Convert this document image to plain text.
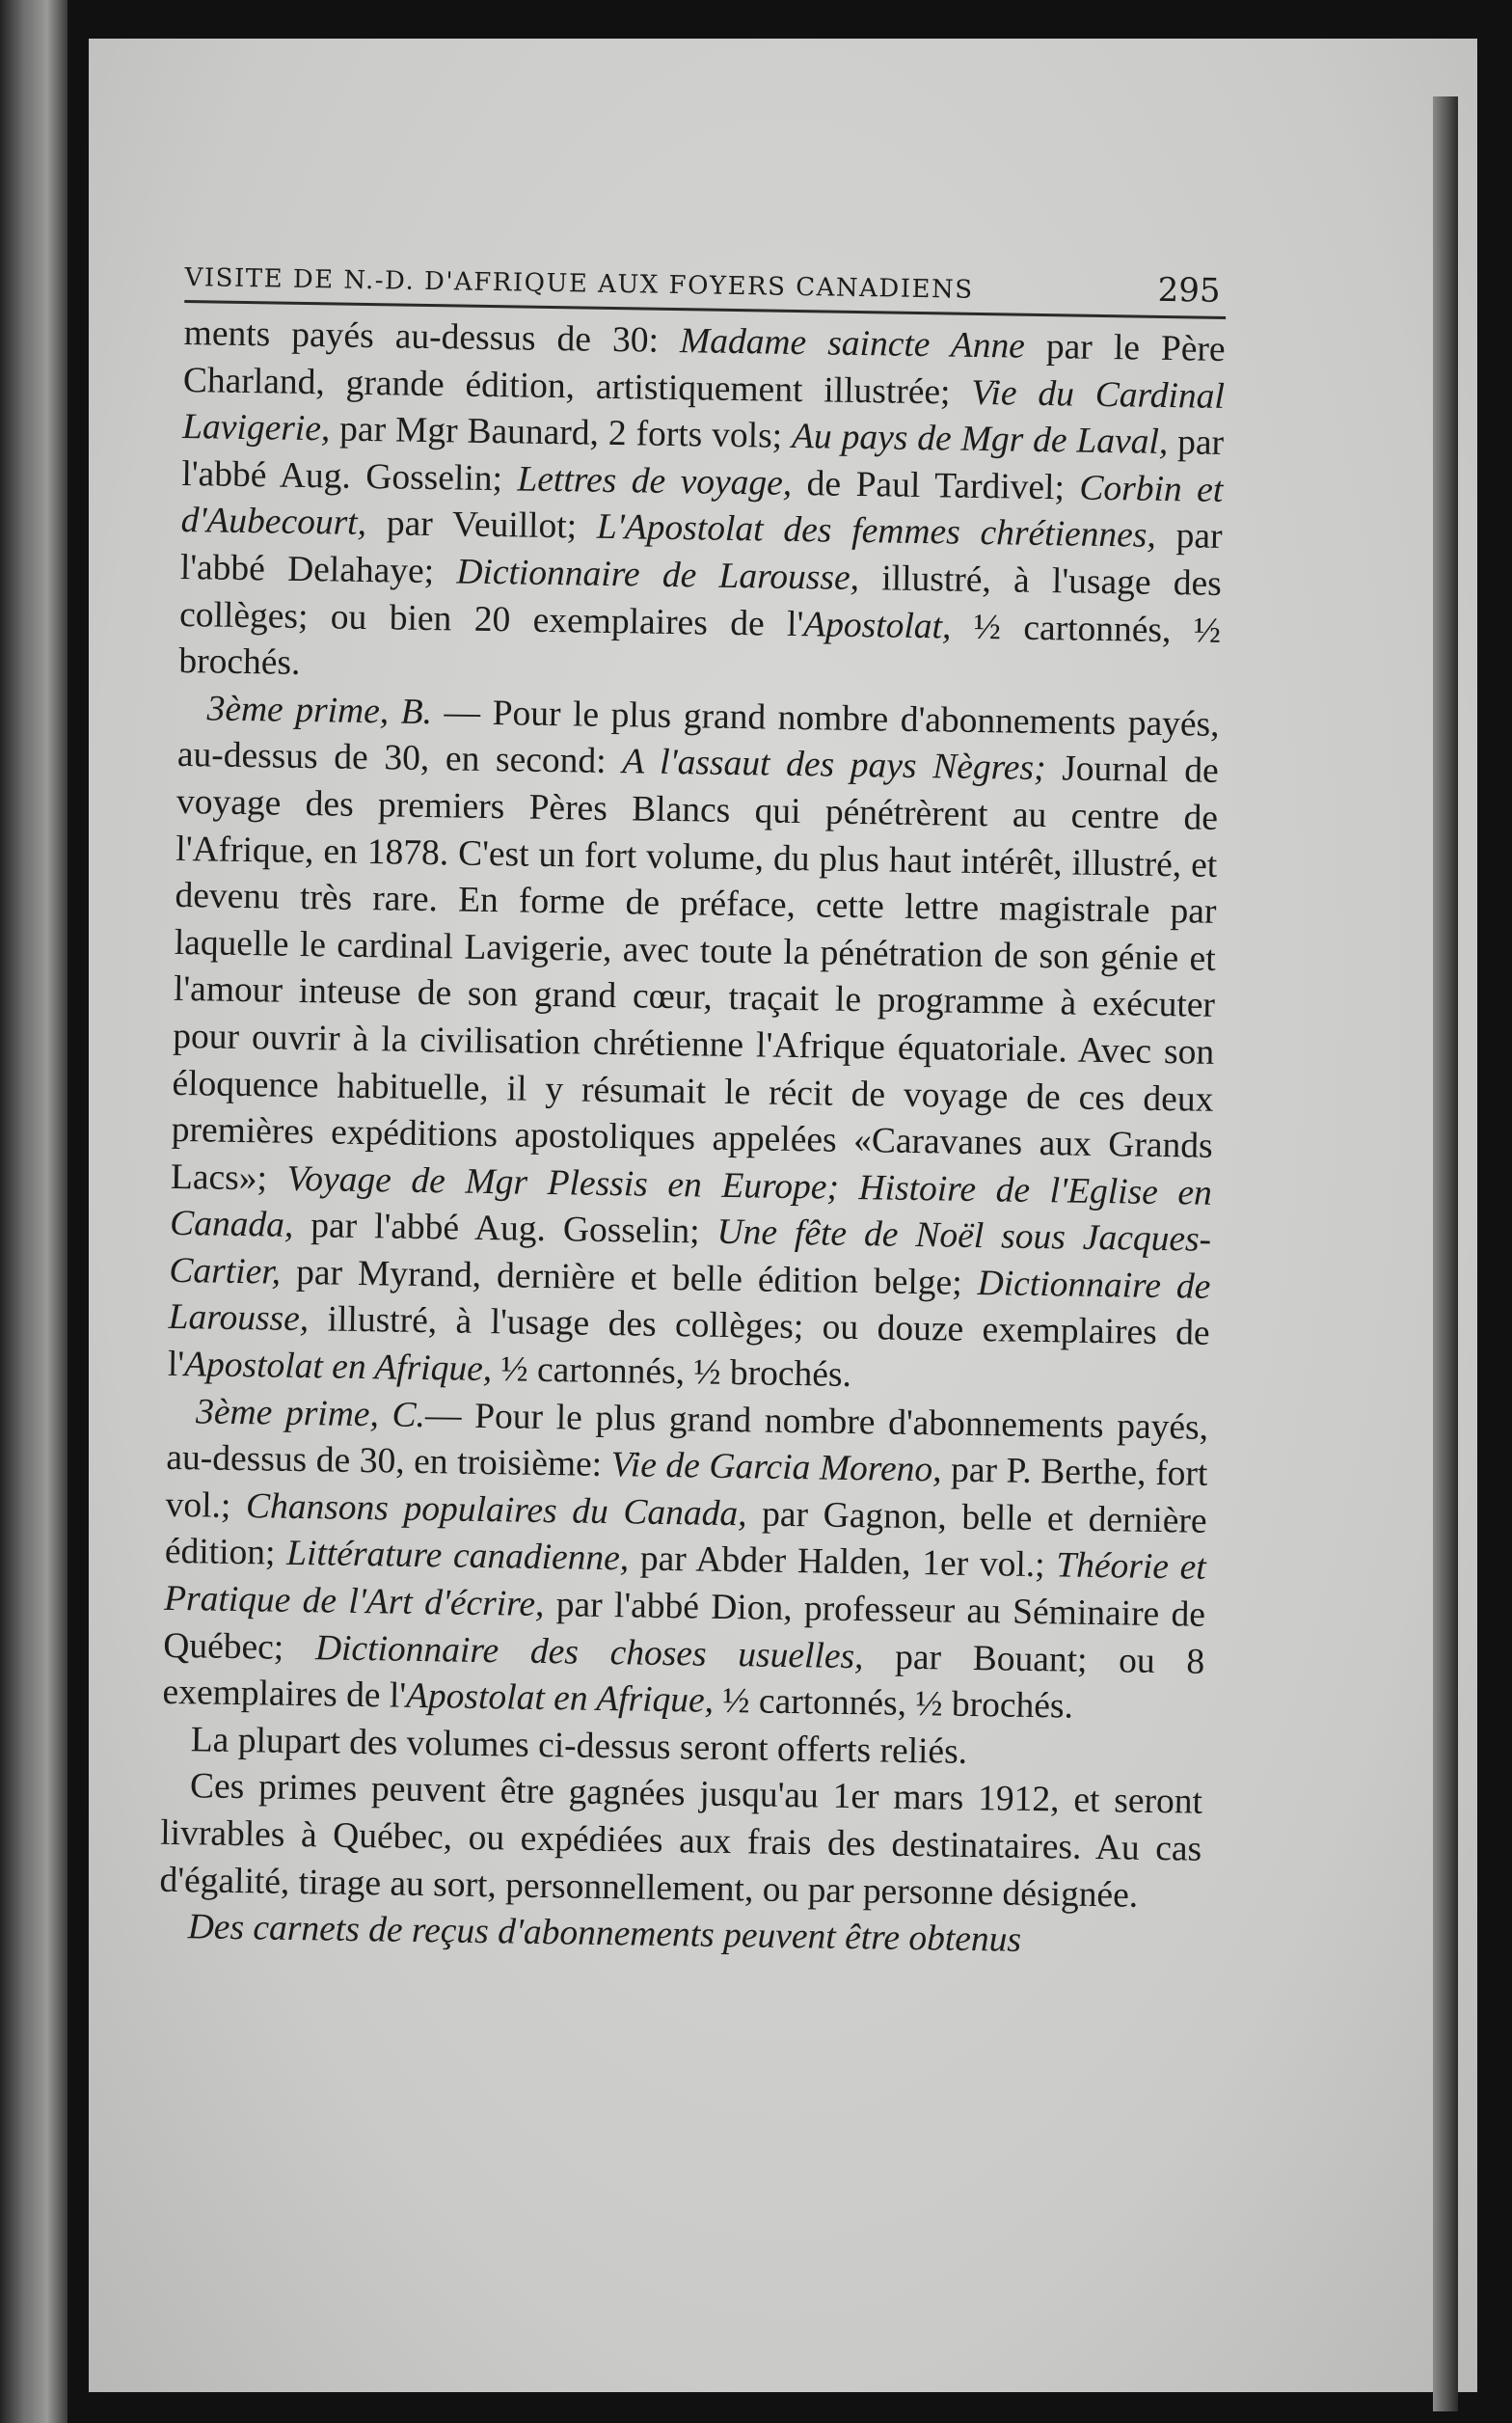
VISITE DE N.-D. D'AFRIQUE AUX FOYERS CANADIENS	295

ments payés au-dessus de 30: Madame saincte Anne par le Père Charland, grande édition, artistiquement illustrée; Vie du Cardinal Lavigerie, par Mgr Baunard, 2 forts vols; Au pays de Mgr de Laval, par l'abbé Aug. Gosselin; Lettres de voyage, de Paul Tardivel; Corbin et d'Aubecourt, par Veuillot; L'Apostolat des femmes chrétiennes, par l'abbé Delahaye; Dictionnaire de Larousse, illustré, à l'usage des collèges; ou bien 20 exemplaires de l'Apostolat, ½ cartonnés, ½ brochés.

3ème prime, B. — Pour le plus grand nombre d'abonnements payés, au-dessus de 30, en second: A l'assaut des pays Nègres; Journal de voyage des premiers Pères Blancs qui pénétrèrent au centre de l'Afrique, en 1878. C'est un fort volume, du plus haut intérêt, illustré, et devenu très rare. En forme de préface, cette lettre magistrale par laquelle le cardinal Lavigerie, avec toute la pénétration de son génie et l'amour inteuse de son grand cœur, traçait le programme à exécuter pour ouvrir à la civilisation chrétienne l'Afrique équatoriale. Avec son éloquence habituelle, il y résumait le récit de voyage de ces deux premières expéditions apostoliques appelées «Caravanes aux Grands Lacs»; Voyage de Mgr Plessis en Europe; Histoire de l'Eglise en Canada, par l'abbé Aug. Gosselin; Une fête de Noël sous Jacques-Cartier, par Myrand, dernière et belle édition belge; Dictionnaire de Larousse, illustré, à l'usage des collèges; ou douze exemplaires de l'Apostolat en Afrique, ½ cartonnés, ½ brochés.

3ème prime, C.— Pour le plus grand nombre d'abonnements payés, au-dessus de 30, en troisième: Vie de Garcia Moreno, par P. Berthe, fort vol.; Chansons populaires du Canada, par Gagnon, belle et dernière édition; Littérature canadienne, par Abder Halden, 1er vol.; Théorie et Pratique de l'Art d'écrire, par l'abbé Dion, professeur au Séminaire de Québec; Dictionnaire des choses usuelles, par Bouant; ou 8 exemplaires de l'Apostolat en Afrique, ½ cartonnés, ½ brochés.

La plupart des volumes ci-dessus seront offerts reliés.

Ces primes peuvent être gagnées jusqu'au 1er mars 1912, et seront livrables à Québec, ou expédiées aux frais des destinataires. Au cas d'égalité, tirage au sort, personnellement, ou par personne désignée.

Des carnets de reçus d'abonnements peuvent être obtenus
